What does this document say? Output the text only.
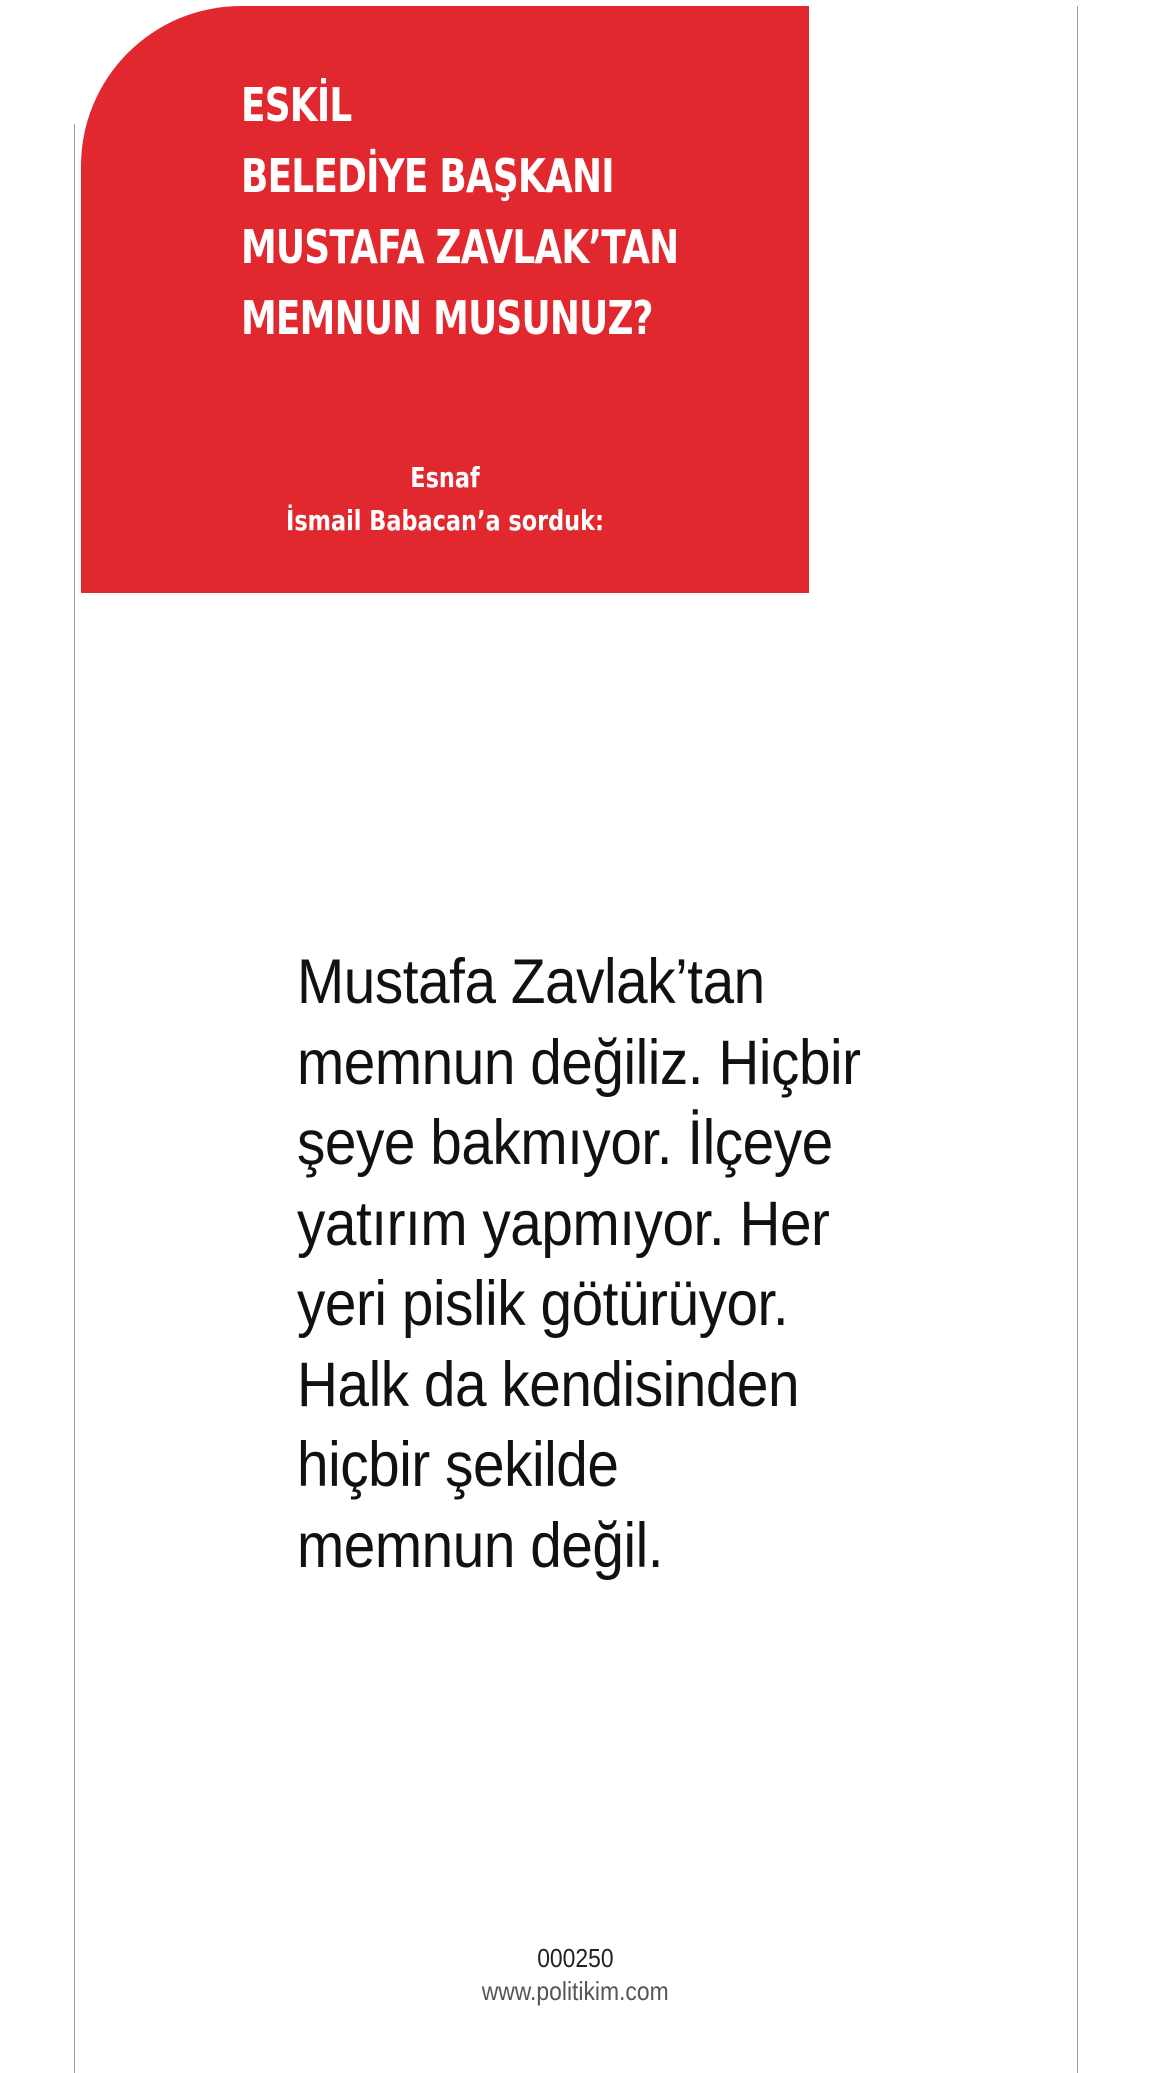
ESKİL
BELEDİYE BAŞKANI
MUSTAFA ZAVLAK’TAN
MEMNUN MUSUNUZ?
Esnaf
İsmail Babacan’a sorduk:

Mustafa Zavlak’tan
memnun değiliz. Hiçbir
şeye bakmıyor. İlçeye
yatırım yapmıyor. Her
yeri pislik götürüyor.
Halk da kendisinden
hiçbir şekilde
memnun değil.

000250
www.politikim.com
